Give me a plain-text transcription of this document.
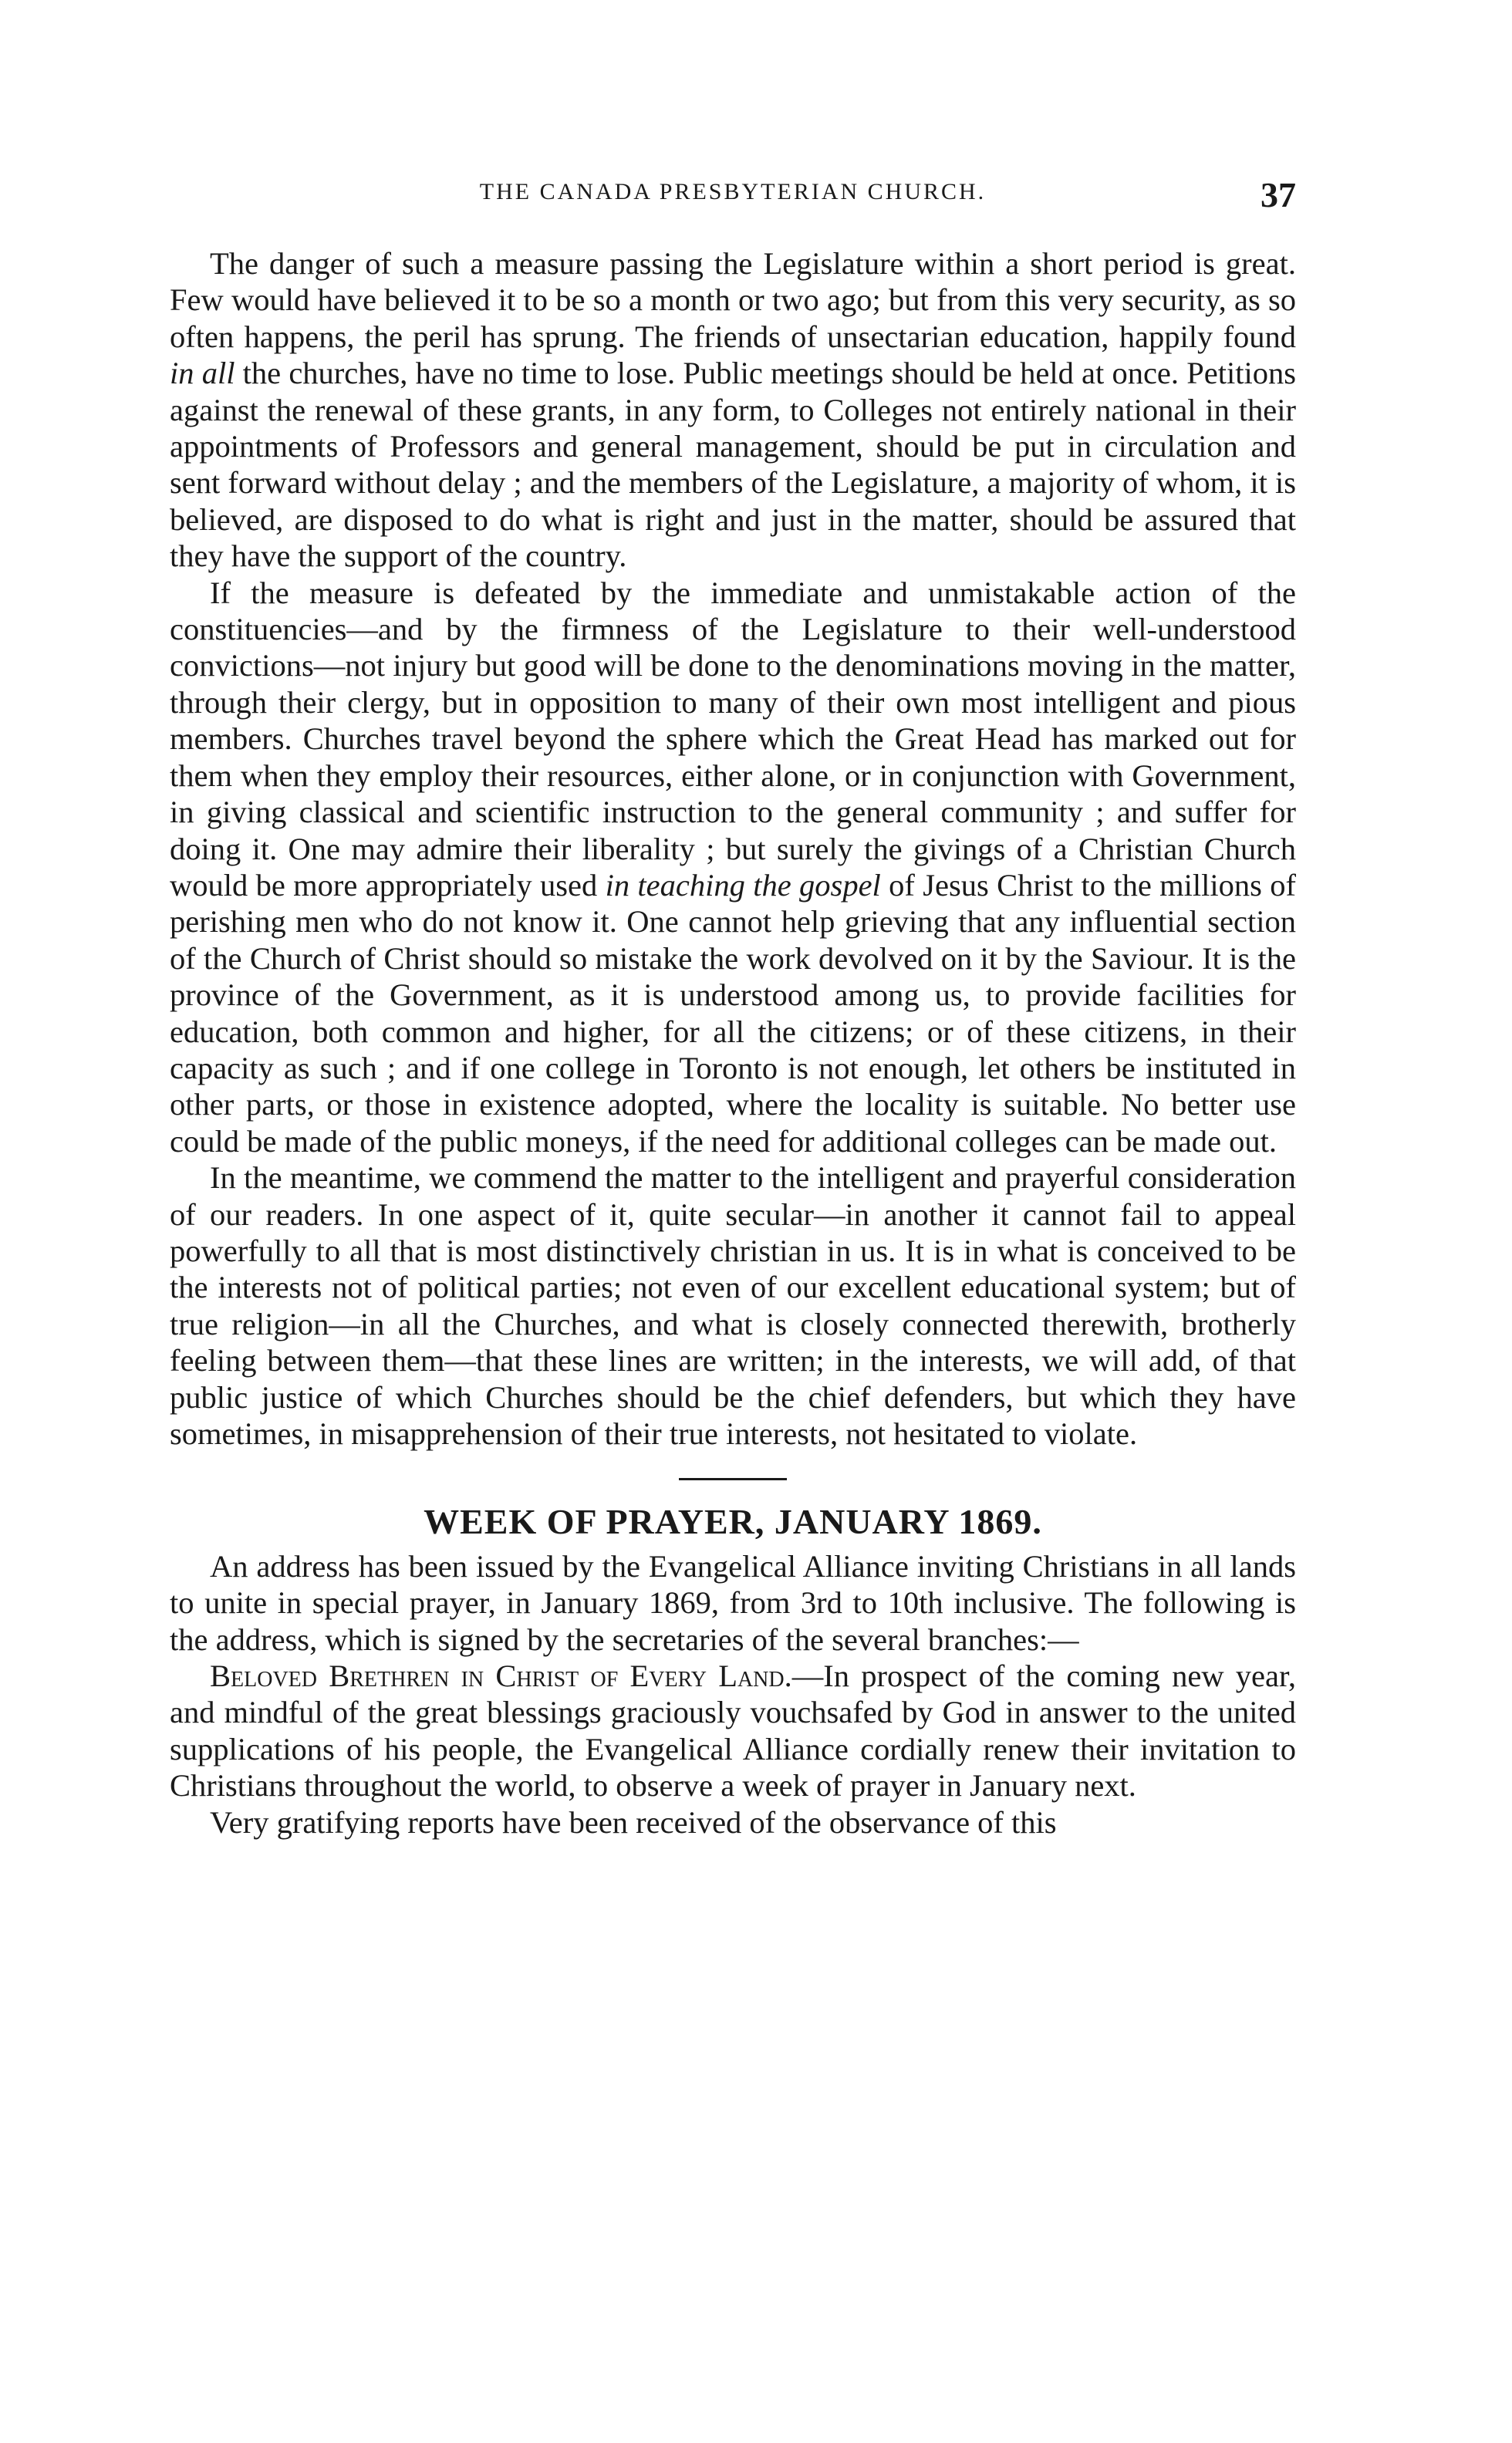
THE CANADA PRESBYTERIAN CHURCH.	37

The danger of such a measure passing the Legislature within a short period is great. Few would have believed it to be so a month or two ago; but from this very security, as so often happens, the peril has sprung. The friends of unsectarian education, happily found in all the churches, have no time to lose. Public meetings should be held at once. Petitions against the renewal of these grants, in any form, to Colleges not entirely national in their appointments of Professors and general management, should be put in circulation and sent forward without delay ; and the members of the Legislature, a majority of whom, it is believed, are disposed to do what is right and just in the matter, should be assured that they have the support of the country.

If the measure is defeated by the immediate and unmistakable action of the constituencies—and by the firmness of the Legislature to their well-understood convictions—not injury but good will be done to the denominations moving in the matter, through their clergy, but in opposition to many of their own most intelligent and pious members. Churches travel beyond the sphere which the Great Head has marked out for them when they employ their resources, either alone, or in conjunction with Government, in giving classical and scientific instruction to the general community ; and suffer for doing it. One may admire their liberality ; but surely the givings of a Christian Church would be more appropriately used in teaching the gospel of Jesus Christ to the millions of perishing men who do not know it. One cannot help grieving that any influential section of the Church of Christ should so mistake the work devolved on it by the Saviour. It is the province of the Government, as it is understood among us, to provide facilities for education, both common and higher, for all the citizens; or of these citizens, in their capacity as such ; and if one college in Toronto is not enough, let others be instituted in other parts, or those in existence adopted, where the locality is suitable. No better use could be made of the public moneys, if the need for additional colleges can be made out.

In the meantime, we commend the matter to the intelligent and prayerful consideration of our readers. In one aspect of it, quite secular—in another it cannot fail to appeal powerfully to all that is most distinctively christian in us. It is in what is conceived to be the interests not of political parties; not even of our excellent educational system; but of true religion—in all the Churches, and what is closely connected therewith, brotherly feeling between them—that these lines are written; in the interests, we will add, of that public justice of which Churches should be the chief defenders, but which they have sometimes, in misapprehension of their true interests, not hesitated to violate.

WEEK OF PRAYER, JANUARY 1869.

An address has been issued by the Evangelical Alliance inviting Christians in all lands to unite in special prayer, in January 1869, from 3rd to 10th inclusive. The following is the address, which is signed by the secretaries of the several branches:—

Beloved Brethren in Christ of Every Land.—In prospect of the coming new year, and mindful of the great blessings graciously vouchsafed by God in answer to the united supplications of his people, the Evangelical Alliance cordially renew their invitation to Christians throughout the world, to observe a week of prayer in January next.

Very gratifying reports have been received of the observance of this
